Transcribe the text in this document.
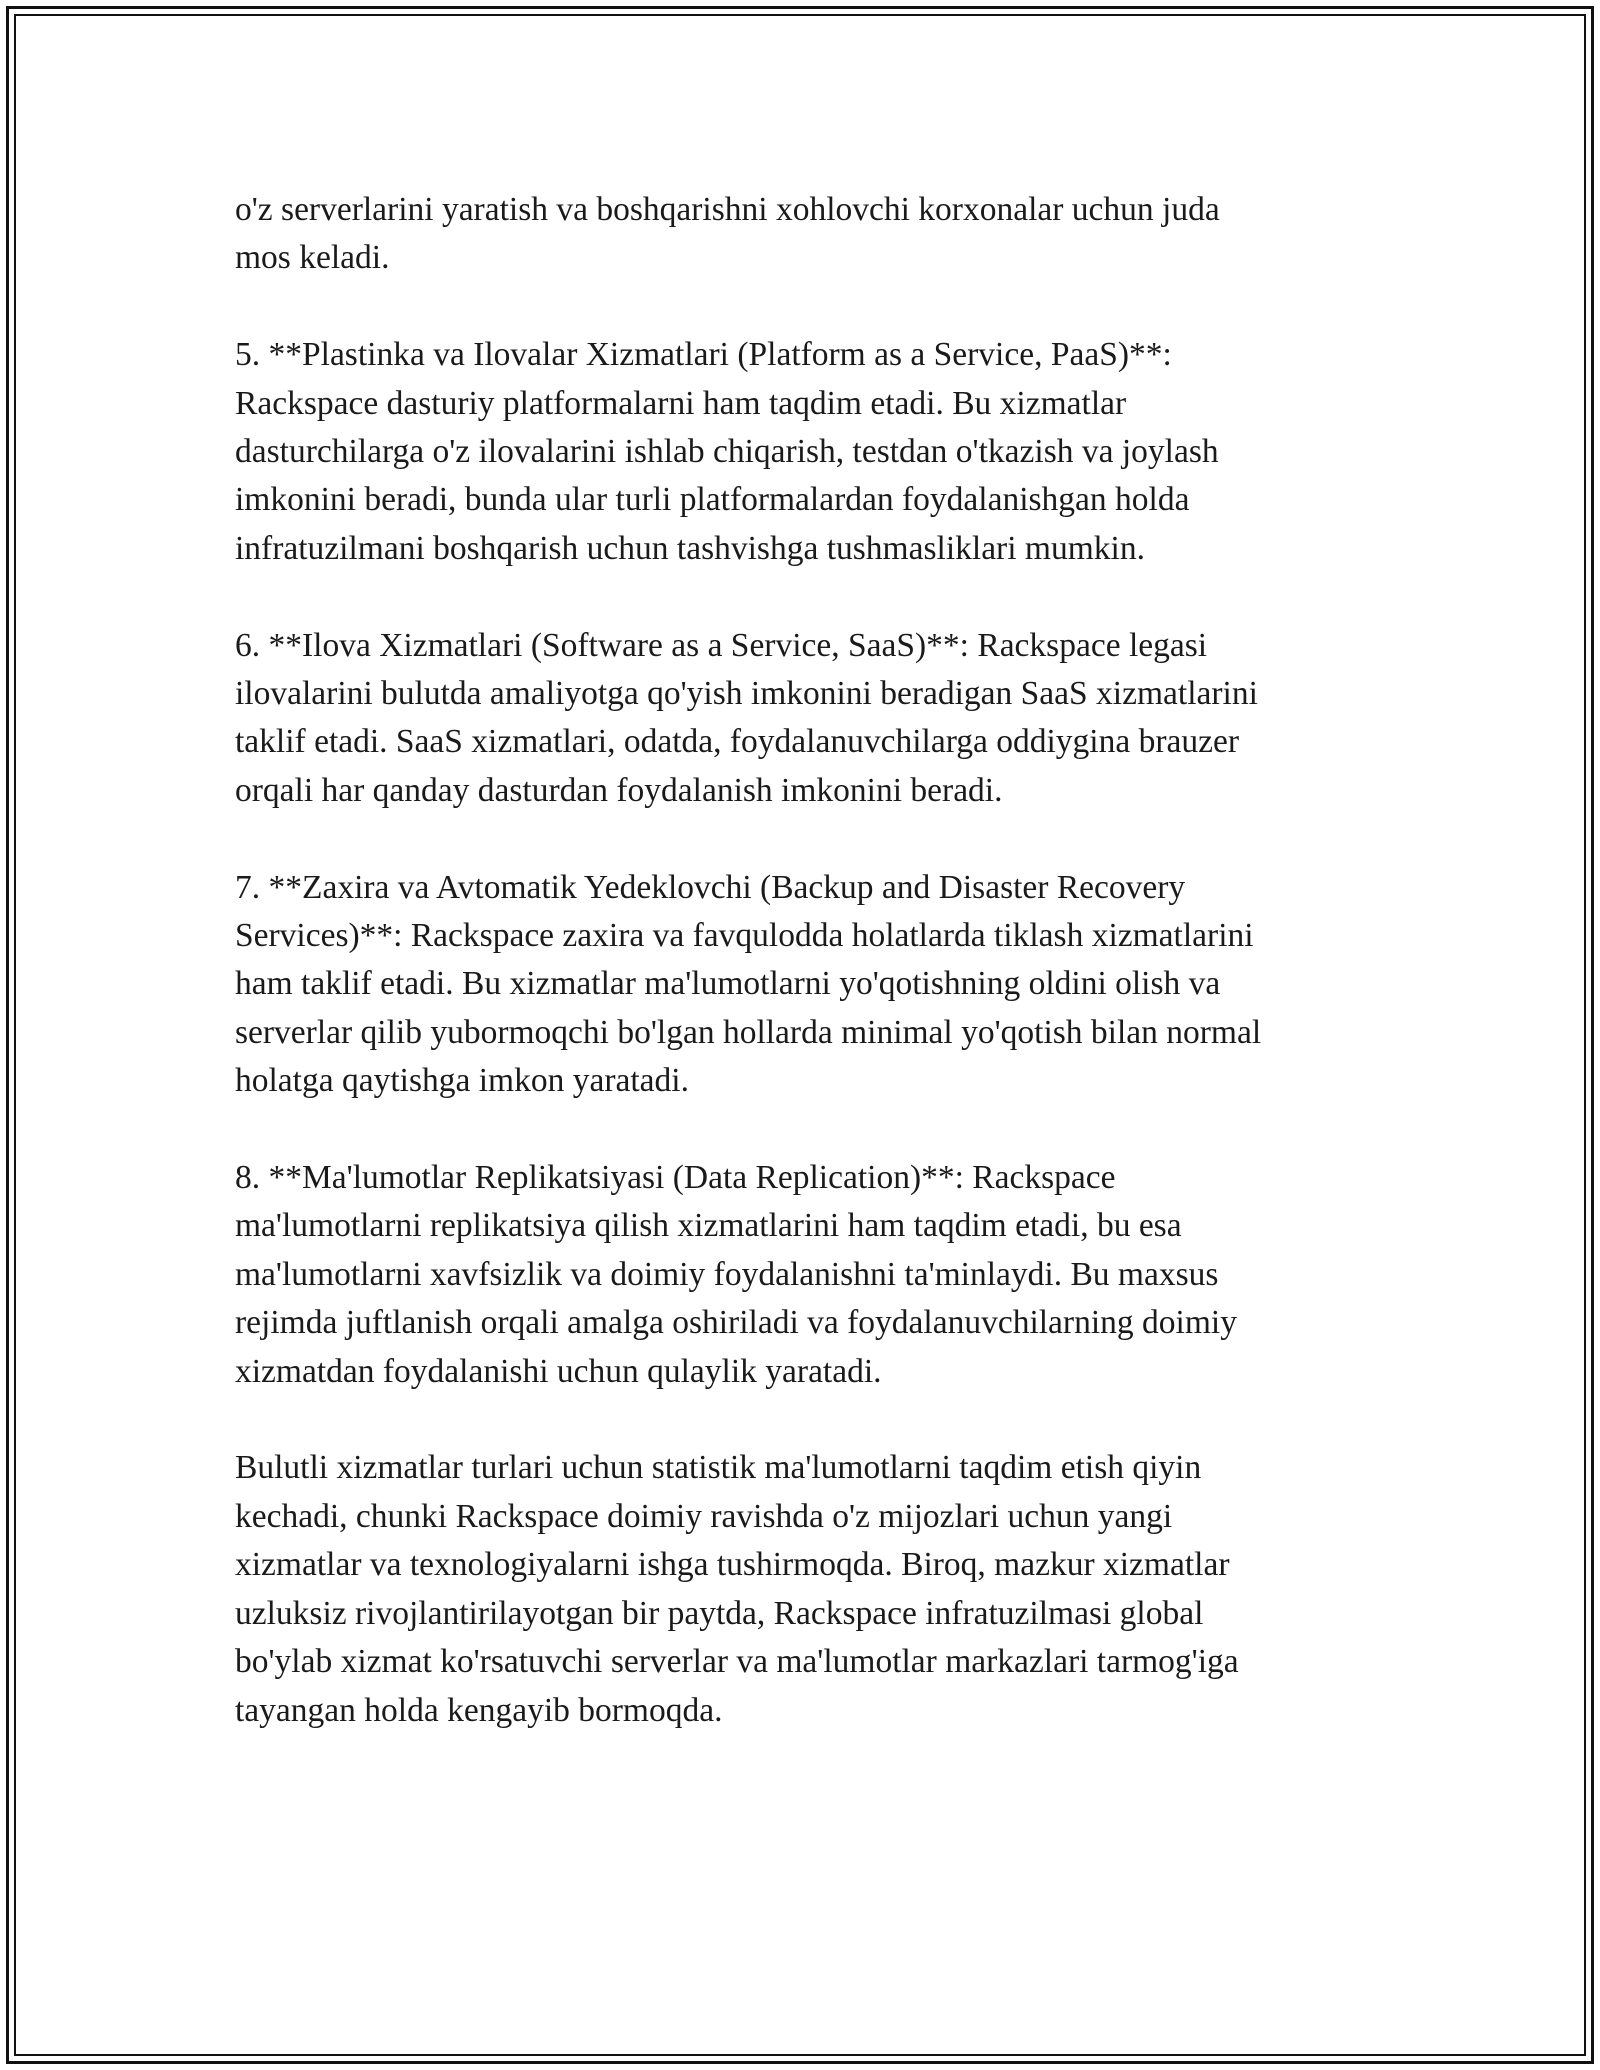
o'z serverlarini yaratish va boshqarishni xohlovchi korxonalar uchun juda
mos keladi.

5. **Plastinka va Ilovalar Xizmatlari (Platform as a Service, PaaS)**:
Rackspace dasturiy platformalarni ham taqdim etadi. Bu xizmatlar
dasturchilarga o'z ilovalarini ishlab chiqarish, testdan o'tkazish va joylash
imkonini beradi, bunda ular turli platformalardan foydalanishgan holda
infratuzilmani boshqarish uchun tashvishga tushmasliklari mumkin.

6. **Ilova Xizmatlari (Software as a Service, SaaS)**: Rackspace legasi
ilovalarini bulutda amaliyotga qo'yish imkonini beradigan SaaS xizmatlarini
taklif etadi. SaaS xizmatlari, odatda, foydalanuvchilarga oddiygina brauzer
orqali har qanday dasturdan foydalanish imkonini beradi.

7. **Zaxira va Avtomatik Yedeklovchi (Backup and Disaster Recovery
Services)**: Rackspace zaxira va favqulodda holatlarda tiklash xizmatlarini
ham taklif etadi. Bu xizmatlar ma'lumotlarni yo'qotishning oldini olish va
serverlar qilib yubormoqchi bo'lgan hollarda minimal yo'qotish bilan normal
holatga qaytishga imkon yaratadi.

8. **Ma'lumotlar Replikatsiyasi (Data Replication)**: Rackspace
ma'lumotlarni replikatsiya qilish xizmatlarini ham taqdim etadi, bu esa
ma'lumotlarni xavfsizlik va doimiy foydalanishni ta'minlaydi. Bu maxsus
rejimda juftlanish orqali amalga oshiriladi va foydalanuvchilarning doimiy
xizmatdan foydalanishi uchun qulaylik yaratadi.

Bulutli xizmatlar turlari uchun statistik ma'lumotlarni taqdim etish qiyin
kechadi, chunki Rackspace doimiy ravishda o'z mijozlari uchun yangi
xizmatlar va texnologiyalarni ishga tushirmoqda. Biroq, mazkur xizmatlar
uzluksiz rivojlantirilayotgan bir paytda, Rackspace infratuzilmasi global
bo'ylab xizmat ko'rsatuvchi serverlar va ma'lumotlar markazlari tarmog'iga
tayangan holda kengayib bormoqda.
